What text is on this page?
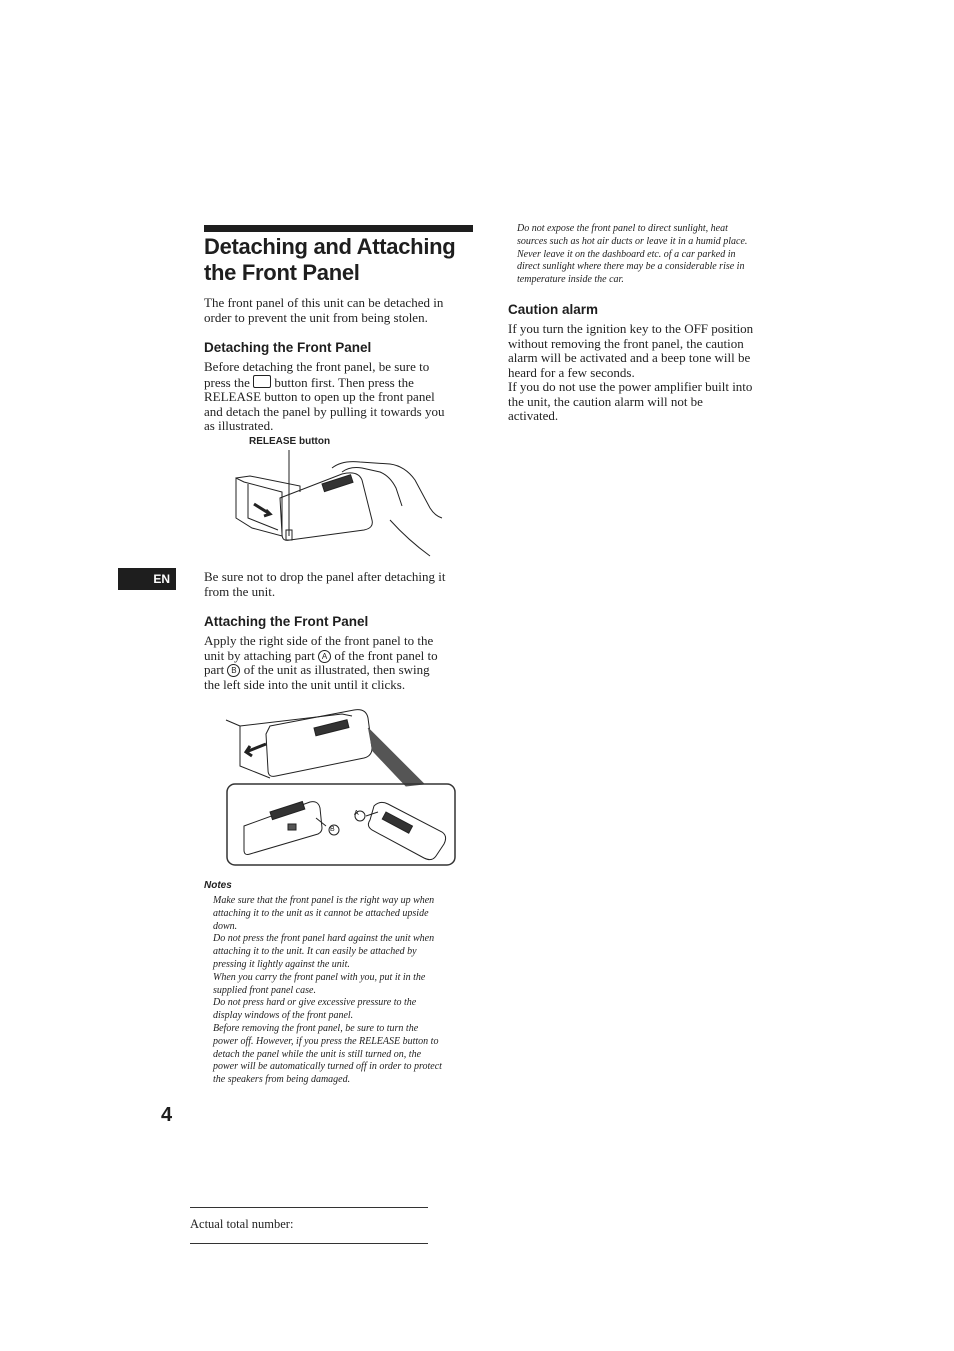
Detaching and Attaching
the Front Panel
The front panel of this unit can be detached in
order to prevent the unit from being stolen.
Detaching the Front Panel
Before detaching the front panel, be sure to
press the button first. Then press the
RELEASE button to open up the front panel
and detach the panel by pulling it towards you
as illustrated.
RELEASE button
EN	Be sure not to drop the panel after detaching it
from the unit.
Attaching the Front Panel
Apply the right side of the front panel to the
unit by attaching part A of the front panel to
part B of the unit as illustrated, then swing
the left side into the unit until it clicks.
A
B
Notes
Make sure that the front panel is the right way up when
attaching it to the unit as it cannot be attached upside
down.
Do not press the front panel hard against the unit when
attaching it to the unit. It can easily be attached by
pressing it lightly against the unit.
When you carry the front panel with you, put it in the
supplied front panel case.
Do not press hard or give excessive pressure to the
display windows of the front panel.
Before removing the front panel, be sure to turn the
power off. However, if you press the RELEASE button to
detach the panel while the unit is still turned on, the
power will be automatically turned off in order to protect
the speakers from being damaged.
Do not expose the front panel to direct sunlight, heat
sources such as hot air ducts or leave it in a humid place.
Never leave it on the dashboard etc. of a car parked in
direct sunlight where there may be a considerable rise in
temperature inside the car.
Caution alarm
If you turn the ignition key to the OFF position
without removing the front panel, the caution
alarm will be activated and a beep tone will be
heard for a few seconds.
If you do not use the power amplifier built into
the unit, the caution alarm will not be
activated.
4
Actual total number:
